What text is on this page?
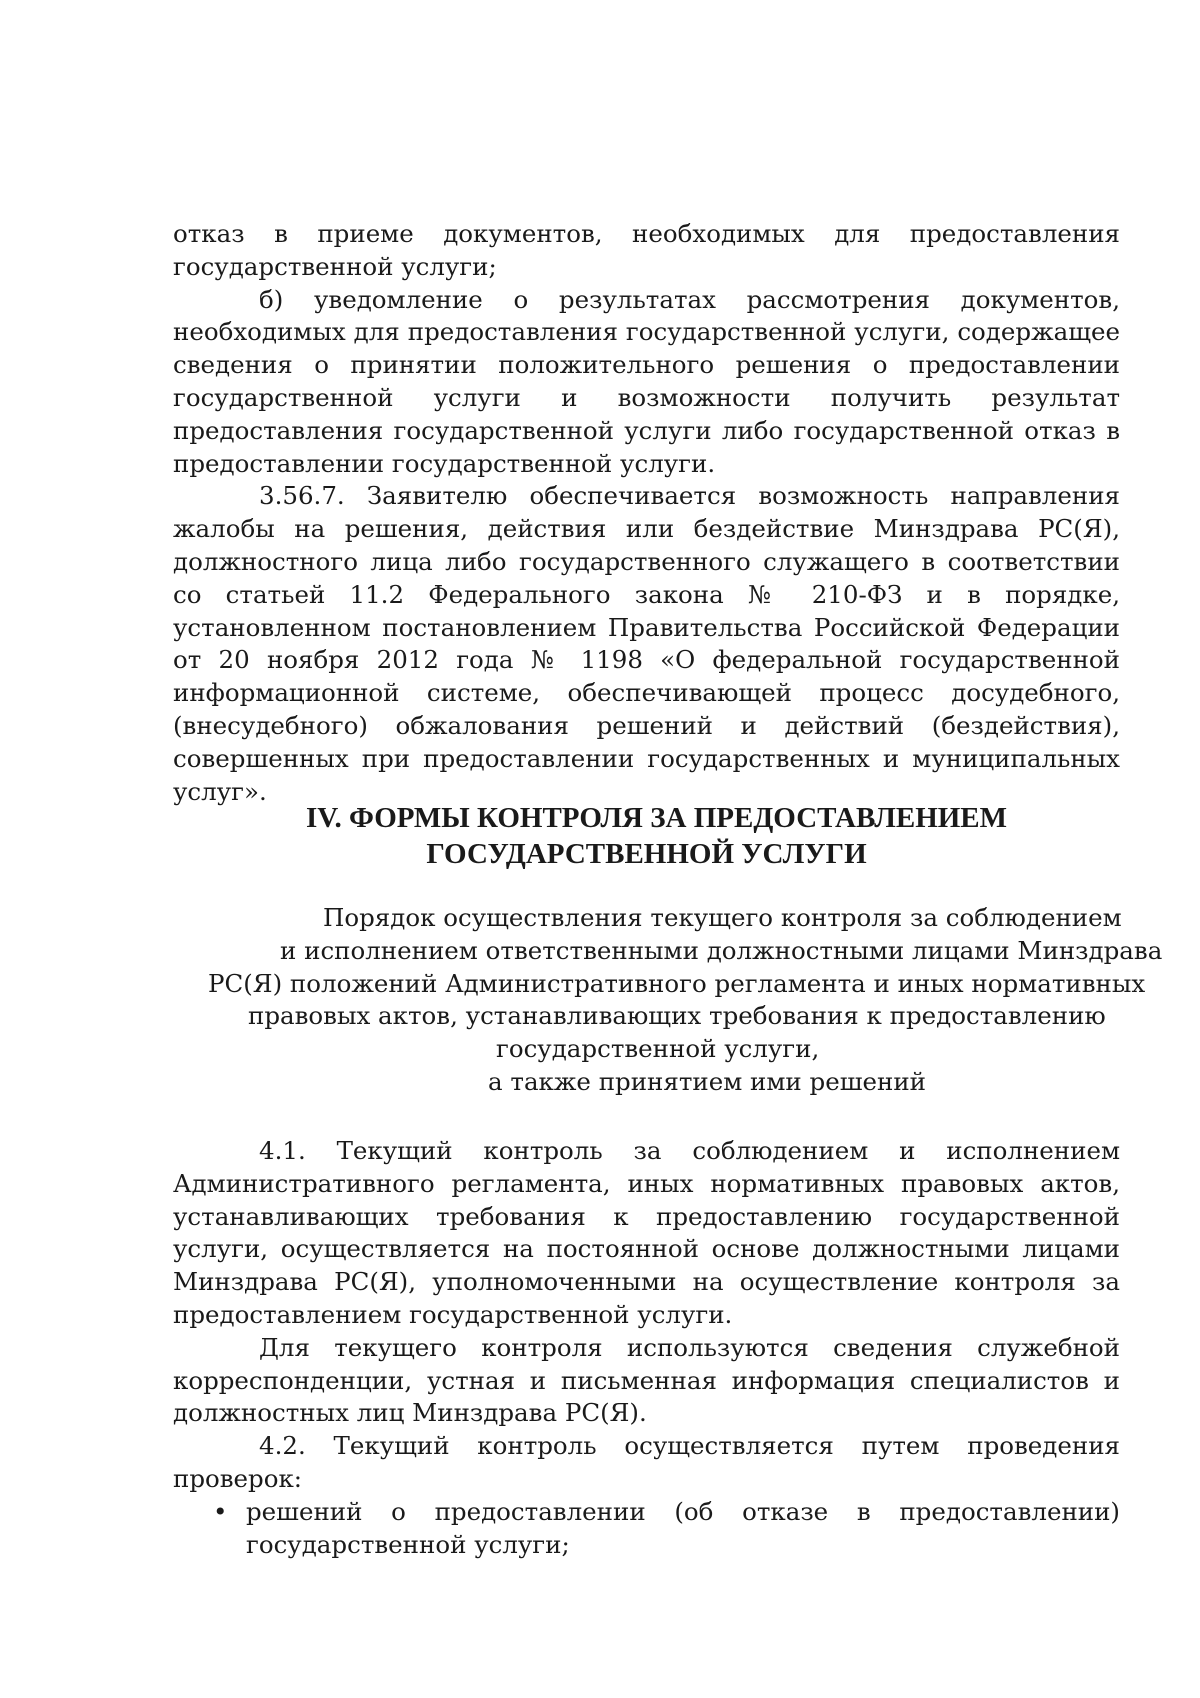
отказ в приеме документов, необходимых для предоставления государственной услуги;

б) уведомление о результатах рассмотрения документов, необходимых для предоставления государственной услуги, содержащее сведения о принятии положительного решения о предоставлении государственной услуги и возможности получить результат предоставления государственной услуги либо государственной отказ в предоставлении государственной услуги.

3.56.7. Заявителю обеспечивается возможность направления жалобы на решения, действия или бездействие Минздрава РС(Я), должностного лица либо государственного служащего в соответствии со статьей 11.2 Федерального закона № 210-ФЗ и в порядке, установленном постановлением Правительства Российской Федерации от 20 ноября 2012 года № 1198 «О федеральной государственной информационной системе, обеспечивающей процесс досудебного, (внесудебного) обжалования решений и действий (бездействия), совершенных при предоставлении государственных и муниципальных услуг».

IV. ФОРМЫ КОНТРОЛЯ ЗА ПРЕДОСТАВЛЕНИЕМ
ГОСУДАРСТВЕННОЙ УСЛУГИ
Порядок осуществления текущего контроля за соблюдением
и исполнением ответственными должностными лицами Минздрава
РС(Я) положений Административного регламента и иных нормативных
правовых актов, устанавливающих требования к предоставлению
государственной услуги,
а также принятием ими решений

4.1. Текущий контроль за соблюдением и исполнением Административного регламента, иных нормативных правовых актов, устанавливающих требования к предоставлению государственной услуги, осуществляется на постоянной основе должностными лицами Минздрава РС(Я), уполномоченными на осуществление контроля за предоставлением государственной услуги.

Для текущего контроля используются сведения служебной корреспонденции, устная и письменная информация специалистов и должностных лиц Минздрава РС(Я).

4.2. Текущий контроль осуществляется путем проведения проверок:

• решений о предоставлении (об отказе в предоставлении) государственной услуги;
